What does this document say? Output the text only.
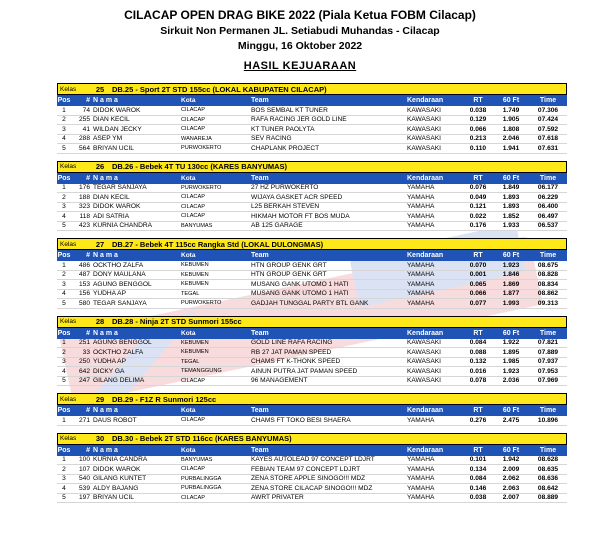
CILACAP OPEN DRAG BIKE 2022 (Piala Ketua FOBM Cilacap)
Sirkuit Non Permanen JL. Setiabudi Muhandas - Cilacap
Minggu, 16 Oktober 2022
HASIL KEJUARAAN
Kelas	25	DB.25 - Sport 2T STD 155cc (LOKAL KABUPATEN CILACAP)
Pos	# N a m a	Kota	Team	Kendaraan	RT	60 Ft	Time
1	74 DIDOK WAROK	CILACAP	BOS SEMBAL KT TUNER	KAWASAKI	0.038	1.749	07.306
2	255 DIAN KECIL	CILACAP	RAFA RACING JER GOLD LINE	KAWASAKI	0.129	1.905	07.424
3	41 WILDAN JECKY	CILACAP	KT TUNER PAOLYTA	KAWASAKI	0.066	1.808	07.592
4	288 ASEP YM	WANAREJA	SEV RACING	KAWASAKI	0.213	2.046	07.618
5	564 BRIYAN UCIL	PURWOKERTO	CHAPLANK PROJECT	KAWASAKI	0.110	1.941	07.631
Kelas	26	DB.26 - Bebek 4T TU 130cc (KARES BANYUMAS)
Pos	# N a m a	Kota	Team	Kendaraan	RT	60 Ft	Time
1	176 TEGAR SANJAYA	PURWOKERTO	27 HZ PURWOKERTO	YAMAHA	0.076	1.849	06.177
2	188 DIAN KECIL	CILACAP	WIJAYA GASKET ACR SPEED	YAMAHA	0.049	1.893	06.229
3	323 DIDOK WAROK	CILACAP	L25 BERKAH STEVEN	YAMAHA	0.121	1.893	06.400
4	118 ADI SATRIA	CILACAP	HIKMAH MOTOR FT BOS MUDA	YAMAHA	0.022	1.852	06.497
5	423 KURNIA CHANDRA	BANYUMAS	AB 125 GARAGE	YAMAHA	0.176	1.933	06.537
Kelas	27	DB.27 - Bebek 4T 115cc Rangka Std (LOKAL DULONGMAS)
Pos	# N a m a	Kota	Team	Kendaraan	RT	60 Ft	Time
1	486 OCKTHO ZALFA	KEBUMEN	HTN GROUP GENK GRT	YAMAHA	0.070	1.923	08.675
2	487 DONY MAULANA	KEBUMEN	HTN GROUP GENK GRT	YAMAHA	0.001	1.846	08.828
3	153 AGUNG BENGGOL	KEBUMEN	MUSANG GANK UTOMO 1 HATI	YAMAHA	0.065	1.869	08.834
4	156 YUDHA AP	TEGAL	MUSANG GANK UTOMO 1 HATI	YAMAHA	0.066	1.877	08.862
5	580 TEGAR SANJAYA	PURWOKERTO	GADJAH TUNGGAL PARTY BTL GANK	YAMAHA	0.077	1.993	09.313
Kelas	28	DB.28 - Ninja 2T STD Sunmori 155cc
Pos	# N a m a	Kota	Team	Kendaraan	RT	60 Ft	Time
1	251 AGUNG BENGGOL	KEBUMEN	GOLD LINE RAFA RACING	KAWASAKI	0.084	1.922	07.821
2	33 OCKTHO ZALFA	KEBUMEN	RB 27 JAT PAMAN SPEED	KAWASAKI	0.088	1.895	07.889
3	250 YUDHA AP	TEGAL	CHAMS FT K-THONK SPEED	KAWASAKI	0.132	1.985	07.937
4	642 DICKY GA	TEMANGGUNG	AINUN PUTRA JAT PAMAN SPEED	KAWASAKI	0.016	1.923	07.953
5	247 GILANG DELIMA	CILACAP	96 MANAGEMENT	KAWASAKI	0.078	2.036	07.969
Kelas	29	DB.29 - F1Z R Sunmori 125cc
Pos	# N a m a	Kota	Team	Kendaraan	RT	60 Ft	Time
1	271 DAUS ROBOT	CILACAP	CHAMS FT TOKO BESI SHAERA	YAMAHA	0.276	2.475	10.896
Kelas	30	DB.30 - Bebek 2T STD 116cc (KARES BANYUMAS)
Pos	# N a m a	Kota	Team	Kendaraan	RT	60 Ft	Time
1	100 KURNIA CANDRA	BANYUMAS	KAYES AUTOLEAD 97 CONCEPT LDJRT	YAMAHA	0.101	1.942	08.628
2	107 DIDOK WAROK	CILACAP	FEBIAN TEAM 97 CONCEPT LDJRT	YAMAHA	0.134	2.009	08.635
3	540 GILANG KUNTET	PURBALINGGA	ZENA STORE APPLE SINOGO!!! MDZ	YAMAHA	0.084	2.062	08.636
4	539 ALDY BAJANG	PURBALINGGA	ZENA STORE CILACAP SINOGO!!! MDZ	YAMAHA	0.146	2.063	08.642
5	197 BRIYAN UCIL	CILACAP	AWRT PRIVATER	YAMAHA	0.038	2.007	08.889
